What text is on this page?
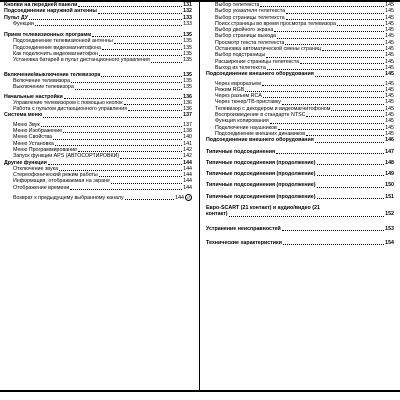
Кнопки на передней панели	131
Подсоединение наружной антенны	132
Пульт ДУ	133
Функции	133
Прием телевизионных программ	135
Подсоединение телевизионной антенны	135
Подсоединение видеомагнитофона	135
Как подключить видеомагнитофон	135
Установка батарей в пульт дистанционного управления	135
Включение/выключение телевизора	135
Включение телевизора	135
Выключение телевизора	135
Начальные настройки	136
Управление телевизором с помощью кнопок	136
Работа с пультом дистанционного управления	136
Система меню	137
Меню Звук	137
Меню Изображение	138
Меню Свойства	140
Меню Установка	141
Меню Программирование	142
Запуск функции APS (АВТОСОРТИРОВКИ)	142
Другие функции	144
Отключение звука	144
Стереофонический режим работы	144
Информация, отображаемая на экране	144
Отображение времени	144
Возврат к предыдущему выбранному каналу	144 ↺
Выбор телетекста	145
Выбор указателя телетекста	145
Выбор страницы телетекста	145
Поиск страницы во время просмотра телевизора	145
Выбор двойного экрана	145
Выбор страницы выхода	145
Просмотр текста телетекста	145
Остановка автоматической смены страниц	145
Выбор подстраницы	145
Расширение страницы телетекста	145
Выход из телетекста	145
Подсоединение внешнего оборудования	145
Через евроразъем	145
Режим RGB	145
Через разъем RCA	145
Через тюнер/ТВ-приставку	145
Телевизор с декодером и видеомагнитофоном	145
Воспроизведение в стандарте NTSC	145
Функция копирования	145
Подключение наушников	145
Подсоединение внешних динамиков	145
Подсоединение внешнего оборудования	146
Типичные подсоединения	147
Типичные подсоединения (продолжение)	148
Типичные подсоединения (продолжение)	149
Типичные подсоединения (продолжение)	150
Типичные подсоединения (продолжение)	151
Евро-SCART (21 контакт) и аудио/видео (21
контакт)	152
Устранение неисправностей	153
Технические характеристики	154
